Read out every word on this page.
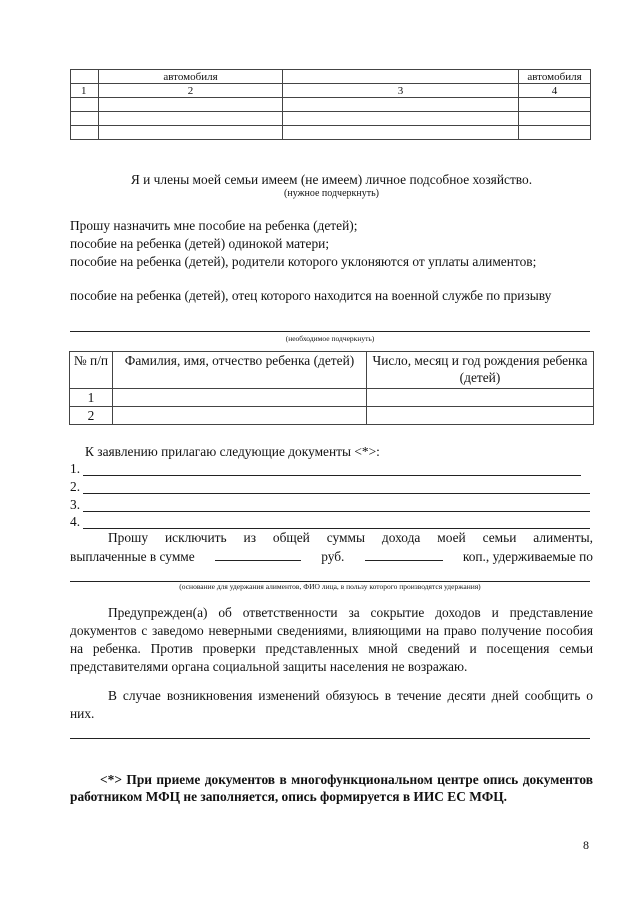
	автомобиля		автомобиля
1	2	3	4

Я и члены моей семьи имеем (не имеем) личное подсобное хозяйство.
(нужное подчеркнуть)
Прошу назначить мне пособие на ребенка (детей);
пособие на ребенка (детей) одинокой матери;
пособие на ребенка (детей), родители которого уклоняются от уплаты алиментов;
пособие на ребенка (детей), отец которого находится на военной службе по призыву
(необходимое подчеркнуть)
№ п/п	Фамилия, имя, отчество ребенка (детей)	Число, месяц и год рождения ребенка (детей)
1		
2		
К заявлению прилагаю следующие документы <*>:
1.
2.
3.
4.
Прошу исключить из общей суммы дохода моей семьи алименты,
выплаченные в сумме	руб.	коп., удерживаемые по
(основание для удержания алиментов, ФИО лица, в пользу которого производятся удержания)
Предупрежден(а) об ответственности за сокрытие доходов и представление документов с заведомо неверными сведениями, влияющими на право получение пособия на ребенка. Против проверки представленных мной сведений и посещения семьи представителями органа социальной защиты населения не возражаю.
В случае возникновения изменений обязуюсь в течение десяти дней сообщить о них.
<*> При приеме документов в многофункциональном центре опись документов работником МФЦ не заполняется, опись формируется в ИИС ЕС МФЦ.
8
